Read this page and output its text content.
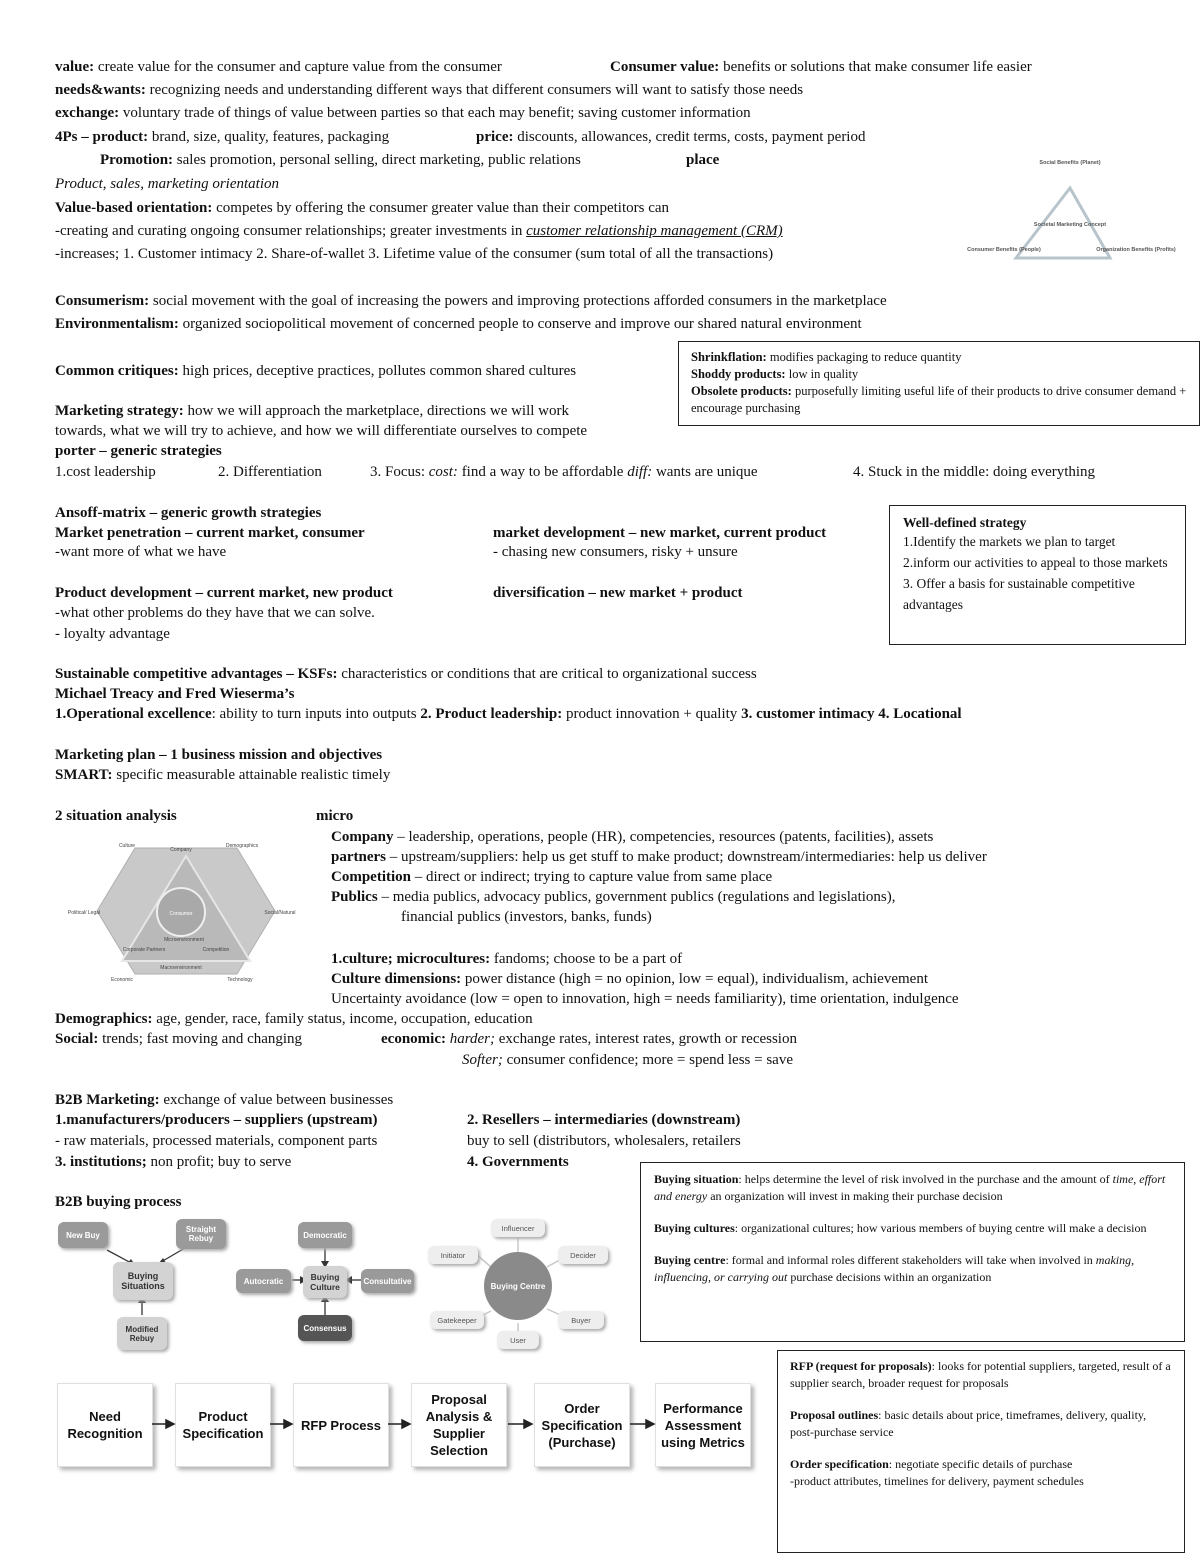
value: create value for the consumer and capture value from the consumer	Consumer value: benefits or solutions that make consumer life easier
needs&wants: recognizing needs and understanding different ways that different consumers will want to satisfy those needs
exchange: voluntary trade of things of value between parties so that each may benefit; saving customer information
4Ps – product: brand, size, quality, features, packaging	price: discounts, allowances, credit terms, costs, payment period
Promotion: sales promotion, personal selling, direct marketing, public relations	place
Product, sales, marketing orientation
Value-based orientation: competes by offering the consumer greater value than their competitors can
-creating and curating ongoing consumer relationships; greater investments in customer relationship management (CRM)
-increases; 1. Customer intimacy 2. Share-of-wallet 3. Lifetime value of the consumer (sum total of all the transactions)
Social Benefits (Planet)
Societal Marketing Concept
Consumer Benefits (People)	Organization Benefits (Profits)
Consumerism: social movement with the goal of increasing the powers and improving protections afforded consumers in the marketplace
Environmentalism: organized sociopolitical movement of concerned people to conserve and improve our shared natural environment
Common critiques: high prices, deceptive practices, pollutes common shared cultures

Shrinkflation: modifies packaging to reduce quantity

Shoddy products: low in quality

Obsolete products: purposefully limiting useful life of their products to drive consumer demand + encourage purchasing

Marketing strategy: how we will approach the marketplace, directions we will work
towards, what we will try to achieve, and how we will differentiate ourselves to compete
porter – generic strategies
1.cost leadership	2. Differentiation	3. Focus: cost: find a way to be affordable diff: wants are unique	4. Stuck in the middle: doing everything
Ansoff-matrix – generic growth strategies
Market penetration – current market, consumer
-want more of what we have
market development – new market, current product
- chasing new consumers, risky + unsure
Product development – current market, new product
-what other problems do they have that we can solve.
- loyalty advantage
diversification – new market + product

Well-defined strategy

1.Identify the markets we plan to target

2.inform our activities to appeal to those markets

3. Offer a basis for sustainable competitive advantages

Sustainable competitive advantages – KSFs: characteristics or conditions that are critical to organizational success
Michael Treacy and Fred Wieserma’s
1.Operational excellence: ability to turn inputs into outputs 2. Product leadership: product innovation + quality 3. customer intimacy 4. Locational
Marketing plan – 1 business mission and objectives
SMART: specific measurable attainable realistic timely
2 situation analysis	micro
Consumer
Culture	Demographics
Company
Political/ Legal	Social/Natural
Microenvironment
Corporate Partners	Competition
Macroenvironment
Economic	Technology
Company – leadership, operations, people (HR), competencies, resources (patents, facilities), assets
partners – upstream/suppliers: help us get stuff to make product; downstream/intermediaries: help us deliver
Competition – direct or indirect; trying to capture value from same place
Publics – media publics, advocacy publics, government publics (regulations and legislations),
financial publics (investors, banks, funds)
1.culture; microcultures: fandoms; choose to be a part of
Culture dimensions: power distance (high = no opinion, low = equal), individualism, achievement
Uncertainty avoidance (low = open to innovation, high = needs familiarity), time orientation, indulgence
Demographics: age, gender, race, family status, income, occupation, education
Social: trends; fast moving and changing	economic: harder; exchange rates, interest rates, growth or recession
Softer; consumer confidence; more = spend less = save
B2B Marketing: exchange of value between businesses
1.manufacturers/producers – suppliers (upstream)
- raw materials, processed materials, component parts
2. Resellers – intermediaries (downstream)
buy to sell (distributors, wholesalers, retailers
3. institutions; non profit; buy to serve	4. Governments

Buying situation: helps determine the level of risk involved in the purchase and the amount of time, effort and energy an organization will invest in making their purchase decision

Buying cultures: organizational cultures; how various members of buying centre will make a decision

Buying centre: formal and informal roles different stakeholders will take when involved in making, influencing, or carrying out purchase decisions within an organization

B2B buying process
New Buy
Straight Rebuy
Buying Situations
Modified Rebuy
Democratic
Autocratic	Buying Culture
Consultative
Consensus
Buying Centre
Influencer
Initiator	Decider
Gatekeeper	Buyer
User

RFP (request for proposals): looks for potential suppliers, targeted, result of a supplier search, broader request for proposals

Proposal outlines: basic details about price, timeframes, delivery, quality, post-purchase service

Order specification: negotiate specific details of purchase

-product attributes, timelines for delivery, payment schedules

Need Recognition
Product Specification
RFP Process
Proposal Analysis & Supplier Selection
Order Specification (Purchase)
Performance Assessment using Metrics
